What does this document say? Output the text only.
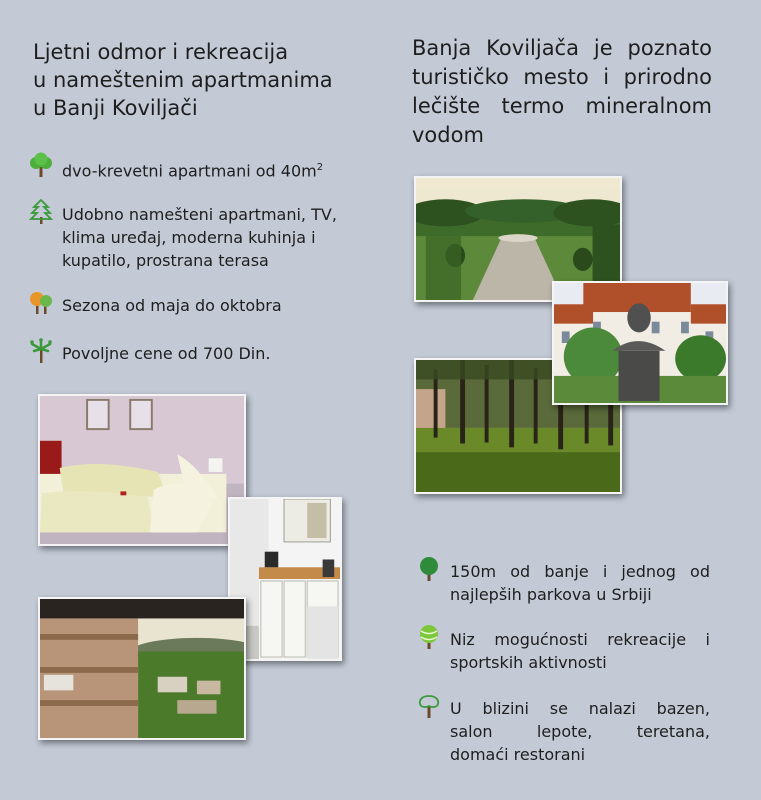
Ljetni odmor i rekreacija
u nameštenim apartmanima
u Banji Koviljači
Banja Koviljača je poznato turističko mesto i prirodno lečište termo mineralnom vodom
dvo-krevetni apartmani od $40m^2$
Udobno namešteni apartmani, TV,
klima uređaj, moderna kuhinja i
kupatilo, prostrana terasa
Sezona od maja do oktobra
Povoljne cene od 700 Din.
150m od banje i jednog od
najlepših parkova u Srbiji
Niz mogućnosti rekreacije i
sportskih aktivnosti
U blizini se nalazi bazen,
salon lepote, teretana,
domaći restorani
